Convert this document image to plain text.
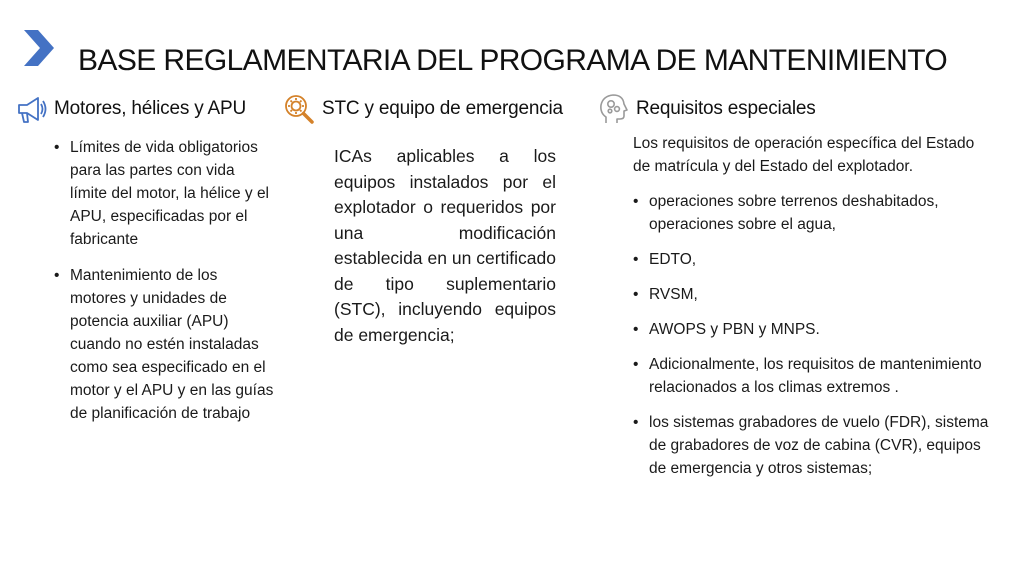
BASE REGLAMENTARIA DEL PROGRAMA DE MANTENIMIENTO
Motores, hélices y APU	STC y equipo de emergencia	Requisitos especiales
• Límites de vida obligatorios para las partes con vida límite del motor, la hélice y el APU, especificadas por el fabricante
• Mantenimiento de los motores y unidades de potencia auxiliar (APU) cuando no estén instaladas como sea especificado en el motor y el APU y en las guías de planificación de trabajo

ICAs aplicables a los equipos instalados por el explotador o requeridos por una modificación establecida en un certificado de tipo suplementario (STC), incluyendo equipos de emergencia;

Los requisitos de operación específica del Estado de matrícula y del Estado del explotador.

• operaciones sobre terrenos deshabitados, operaciones sobre el agua,
• EDTO,
• RVSM,
• AWOPS y PBN y MNPS.
• Adicionalmente, los requisitos de mantenimiento relacionados a los climas extremos .
• los sistemas grabadores de vuelo (FDR), sistema de grabadores de voz de cabina (CVR), equipos de emergencia y otros sistemas;
